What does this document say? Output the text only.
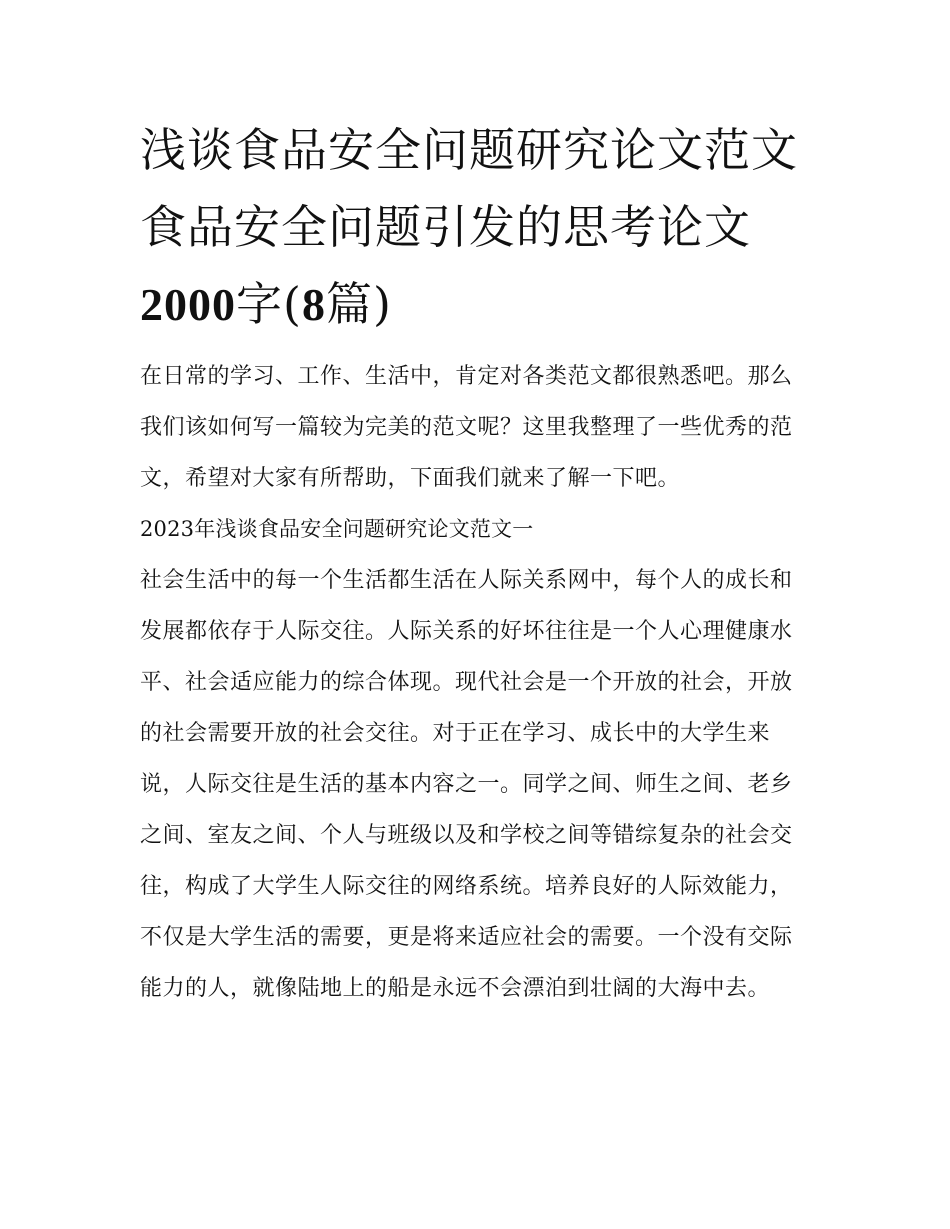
浅谈食品安全问题研究论文范文 食品安全问题引发的思考论文2000字(8篇)

在日常的学习、工作、生活中，肯定对各类范文都很熟悉吧。那么我们该如何写一篇较为完美的范文呢？这里我整理了一些优秀的范文，希望对大家有所帮助，下面我们就来了解一下吧。

2023年浅谈食品安全问题研究论文范文一

社会生活中的每一个生活都生活在人际关系网中，每个人的成长和发展都依存于人际交往。人际关系的好坏往往是一个人心理健康水平、社会适应能力的综合体现。现代社会是一个开放的社会，开放的社会需要开放的社会交往。对于正在学习、成长中的大学生来说，人际交往是生活的基本内容之一。同学之间、师生之间、老乡之间、室友之间、个人与班级以及和学校之间等错综复杂的社会交往，构成了大学生人际交往的网络系统。培养良好的人际效能力，不仅是大学生活的需要，更是将来适应社会的需要。一个没有交际能力的人，就像陆地上的船是永远不会漂泊到壮阔的大海中去。
